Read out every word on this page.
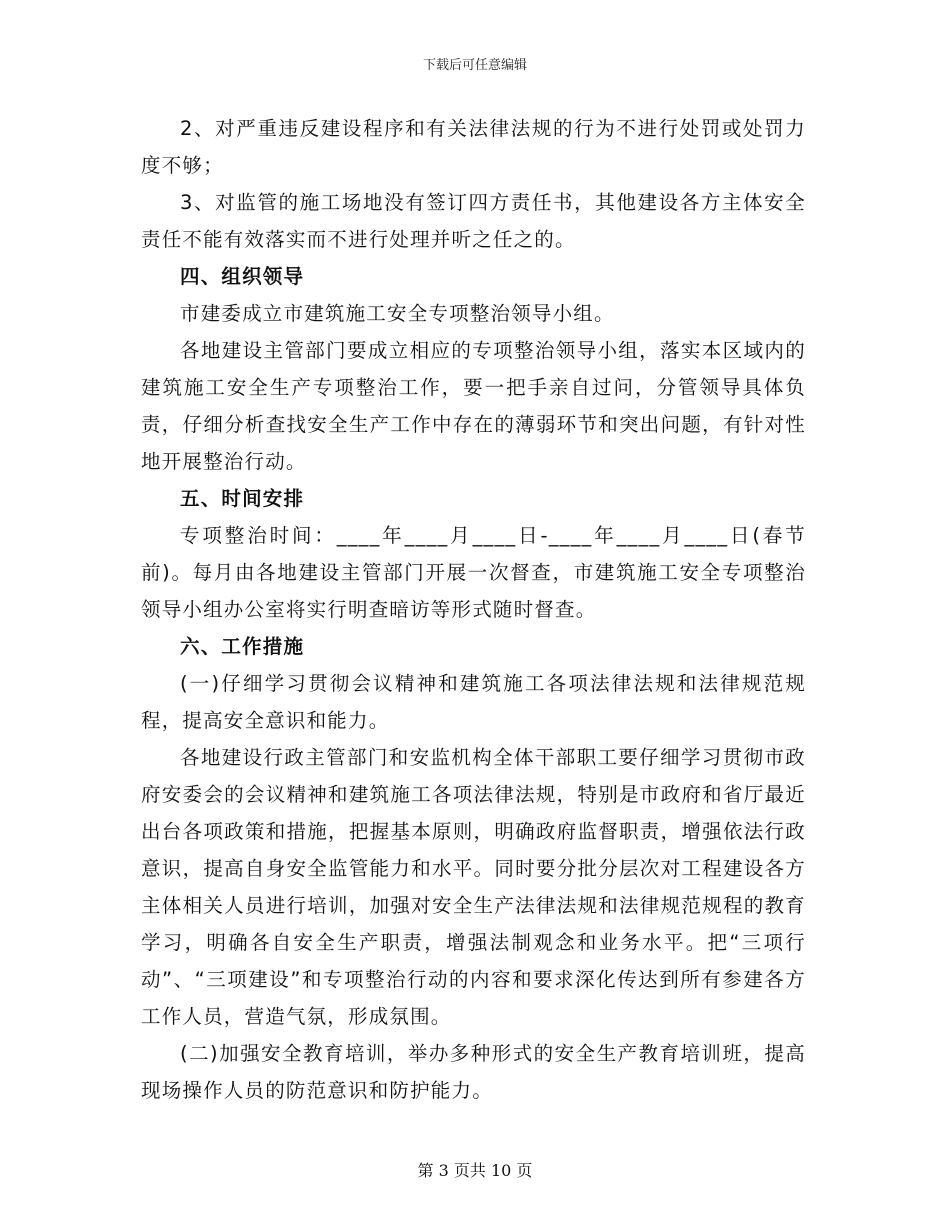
下载后可任意编辑

2、对严重违反建设程序和有关法律法规的行为不进行处罚或处罚力度不够；

3、对监管的施工场地没有签订四方责任书，其他建设各方主体安全责任不能有效落实而不进行处理并听之任之的。

四、组织领导

市建委成立市建筑施工安全专项整治领导小组。

各地建设主管部门要成立相应的专项整治领导小组，落实本区域内的建筑施工安全生产专项整治工作，要一把手亲自过问，分管领导具体负责，仔细分析查找安全生产工作中存在的薄弱环节和突出问题，有针对性地开展整治行动。

五、时间安排

专项整治时间：____年____月____日-____年____月____日(春节前)。每月由各地建设主管部门开展一次督查，市建筑施工安全专项整治领导小组办公室将实行明查暗访等形式随时督查。

六、工作措施

(一)仔细学习贯彻会议精神和建筑施工各项法律法规和法律规范规程，提高安全意识和能力。

各地建设行政主管部门和安监机构全体干部职工要仔细学习贯彻市政府安委会的会议精神和建筑施工各项法律法规，特别是市政府和省厅最近出台各项政策和措施，把握基本原则，明确政府监督职责，增强依法行政意识，提高自身安全监管能力和水平。同时要分批分层次对工程建设各方主体相关人员进行培训，加强对安全生产法律法规和法律规范规程的教育学习，明确各自安全生产职责，增强法制观念和业务水平。把“三项行动”、“三项建设”和专项整治行动的内容和要求深化传达到所有参建各方工作人员，营造气氛，形成氛围。

(二)加强安全教育培训，举办多种形式的安全生产教育培训班，提高现场操作人员的防范意识和防护能力。

第 3 页共 10 页
